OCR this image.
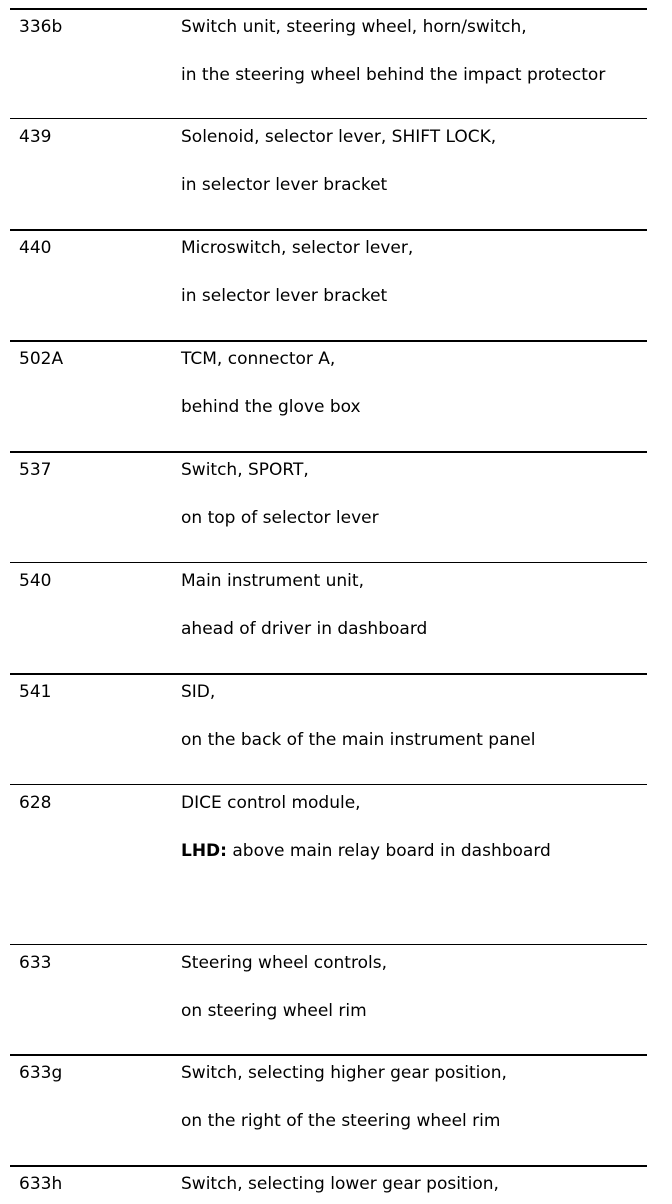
336b	Switch unit, steering wheel, horn/switch,
in the steering wheel behind the impact protector
439	Solenoid, selector lever, SHIFT LOCK,
in selector lever bracket
440	Microswitch, selector lever,
in selector lever bracket
502A	TCM, connector A,
behind the glove box
537	Switch, SPORT,
on top of selector lever
540	Main instrument unit,
ahead of driver in dashboard
541	SID,
on the back of the main instrument panel
628	DICE control module,
LHD: above main relay board in dashboard
633	Steering wheel controls,
on steering wheel rim
633g	Switch, selecting higher gear position,
on the right of the steering wheel rim
633h	Switch, selecting lower gear position,
